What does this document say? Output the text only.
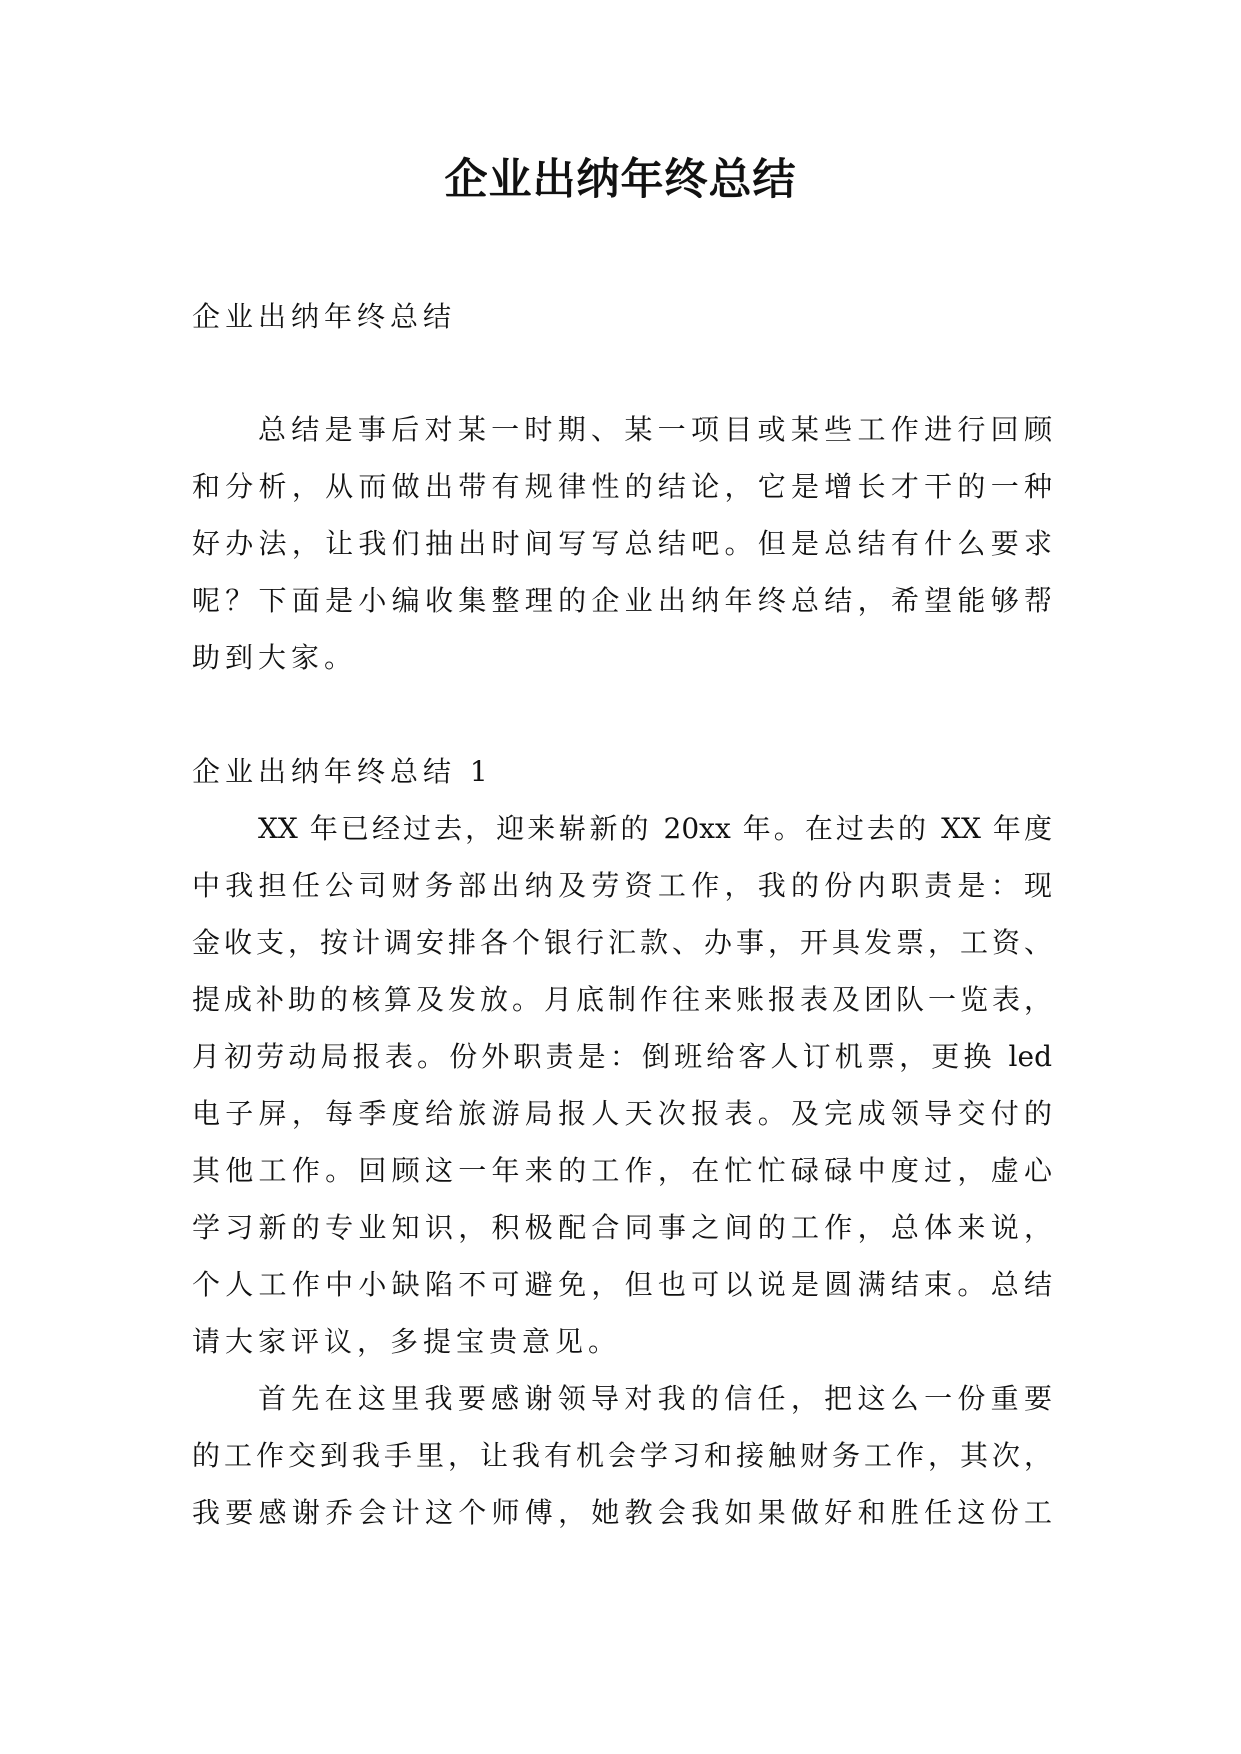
企业出纳年终总结
企业出纳年终总结
总结是事后对某一时期、某一项目或某些工作进行回顾
和分析，从而做出带有规律性的结论，它是增长才干的一种
好办法，让我们抽出时间写写总结吧。但是总结有什么要求
呢？下面是小编收集整理的企业出纳年终总结，希望能够帮
助到大家。
企业出纳年终总结 1
XX 年已经过去，迎来崭新的 20xx 年。在过去的 XX 年度
中我担任公司财务部出纳及劳资工作，我的份内职责是：现
金收支，按计调安排各个银行汇款、办事，开具发票，工资、
提成补助的核算及发放。月底制作往来账报表及团队一览表，
月初劳动局报表。份外职责是：倒班给客人订机票，更换 led
电子屏，每季度给旅游局报人天次报表。及完成领导交付的
其他工作。回顾这一年来的工作，在忙忙碌碌中度过，虚心
学习新的专业知识，积极配合同事之间的工作，总体来说，
个人工作中小缺陷不可避免，但也可以说是圆满结束。总结
请大家评议，多提宝贵意见。
首先在这里我要感谢领导对我的信任，把这么一份重要
的工作交到我手里，让我有机会学习和接触财务工作，其次，
我要感谢乔会计这个师傅，她教会我如果做好和胜任这份工
